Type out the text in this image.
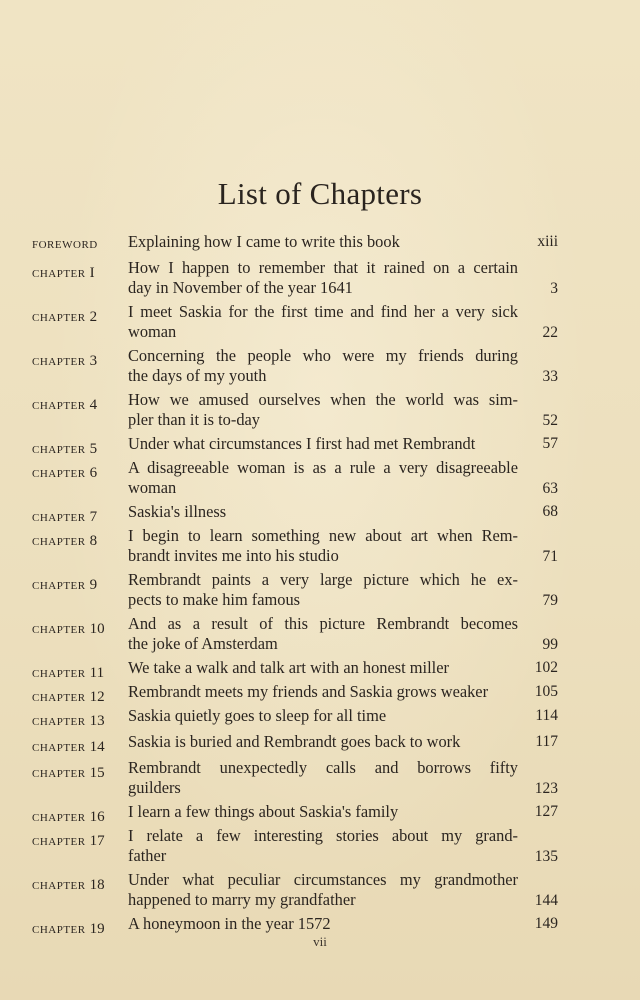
List of Chapters
FOREWORD	Explaining how I came to write this book	xiii
CHAPTER I	How I happen to remember that it rained on a certain
day in November of the year 1641	3
CHAPTER 2	I meet Saskia for the first time and find her a very sick
woman	22
CHAPTER 3	Concerning the people who were my friends during
the days of my youth	33
CHAPTER 4	How we amused ourselves when the world was sim-
pler than it is to-day	52
CHAPTER 5	Under what circumstances I first had met Rembrandt	57
CHAPTER 6	A disagreeable woman is as a rule a very disagreeable
woman	63
CHAPTER 7	Saskia's illness	68
CHAPTER 8	I begin to learn something new about art when Rem-
brandt invites me into his studio	71
CHAPTER 9	Rembrandt paints a very large picture which he ex-
pects to make him famous	79
CHAPTER 10	And as a result of this picture Rembrandt becomes
the joke of Amsterdam	99
CHAPTER 11	We take a walk and talk art with an honest miller	102
CHAPTER 12	Rembrandt meets my friends and Saskia grows weaker	105
CHAPTER 13	Saskia quietly goes to sleep for all time	114
CHAPTER 14	Saskia is buried and Rembrandt goes back to work	117
CHAPTER 15	Rembrandt unexpectedly calls and borrows fifty
guilders	123
CHAPTER 16	I learn a few things about Saskia's family	127
CHAPTER 17	I relate a few interesting stories about my grand-
father	135
CHAPTER 18	Under what peculiar circumstances my grandmother
happened to marry my grandfather	144
CHAPTER 19	A honeymoon in the year 1572	149
vii
